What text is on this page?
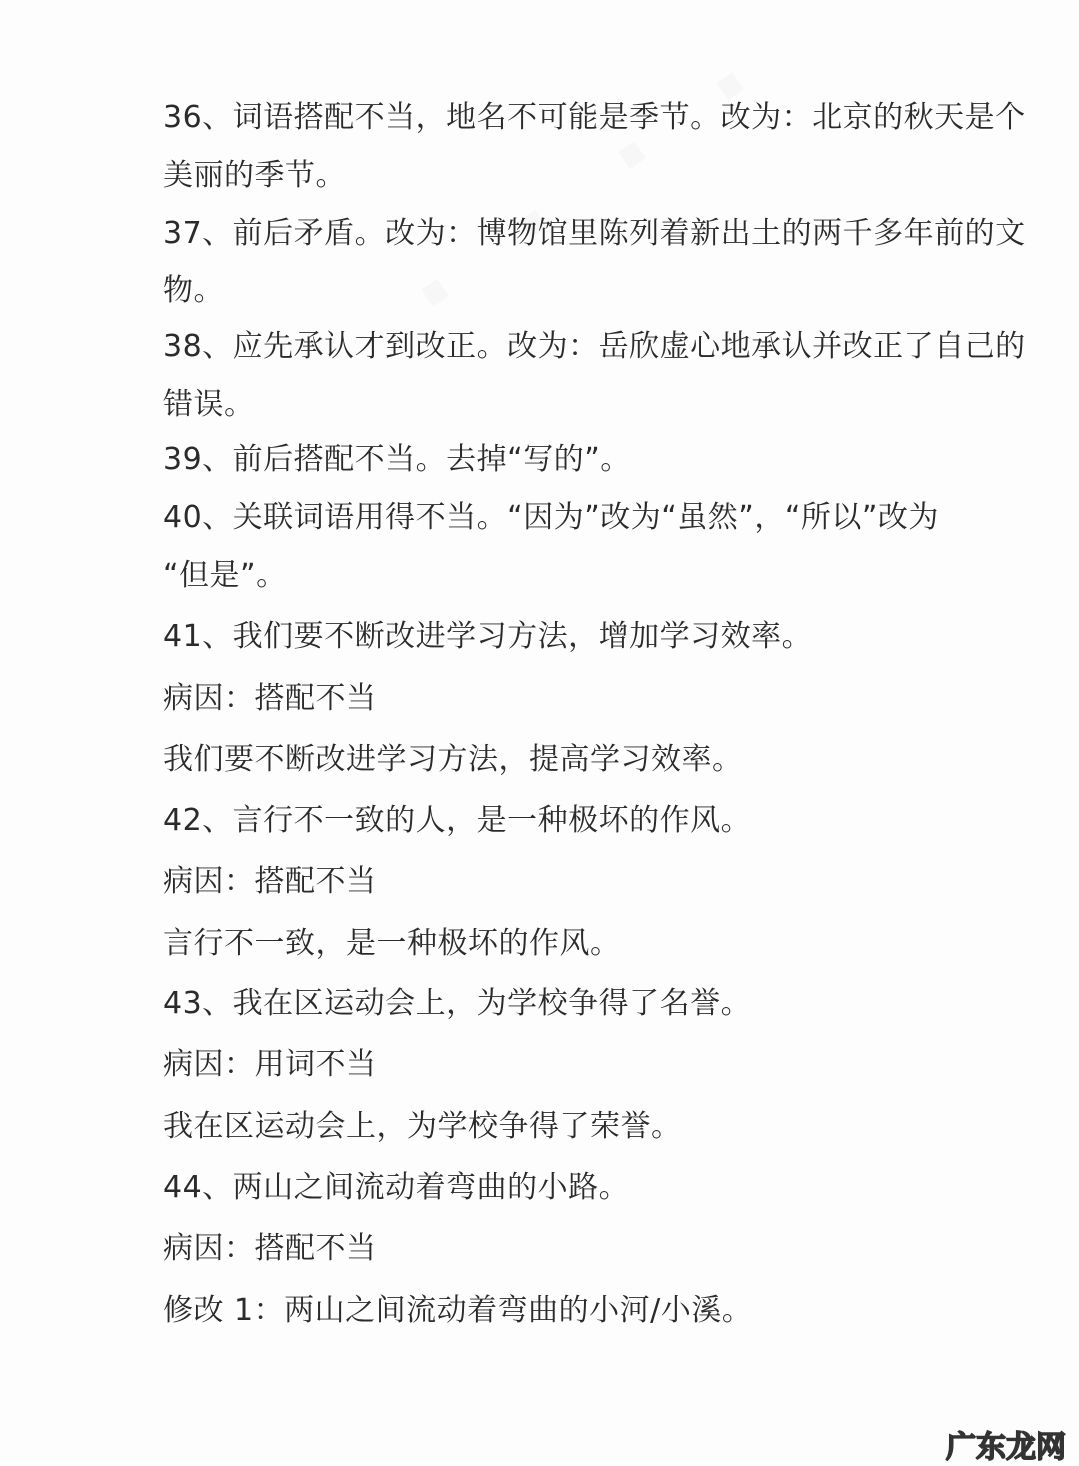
36、词语搭配不当，地名不可能是季节。改为：北京的秋天是个
美丽的季节。
37、前后矛盾。改为：博物馆里陈列着新出土的两千多年前的文
物。
38、应先承认才到改正。改为：岳欣虚心地承认并改正了自己的
错误。
39、前后搭配不当。去掉“写的”。
40、关联词语用得不当。“因为”改为“虽然”，“所以”改为
“但是”。
41、我们要不断改进学习方法，增加学习效率。
病因：搭配不当
我们要不断改进学习方法，提高学习效率。
42、言行不一致的人，是一种极坏的作风。
病因：搭配不当
言行不一致，是一种极坏的作风。
43、我在区运动会上，为学校争得了名誉。
病因：用词不当
我在区运动会上，为学校争得了荣誉。
44、两山之间流动着弯曲的小路。
病因：搭配不当
修改 1：两山之间流动着弯曲的小河/小溪。
广东龙网
